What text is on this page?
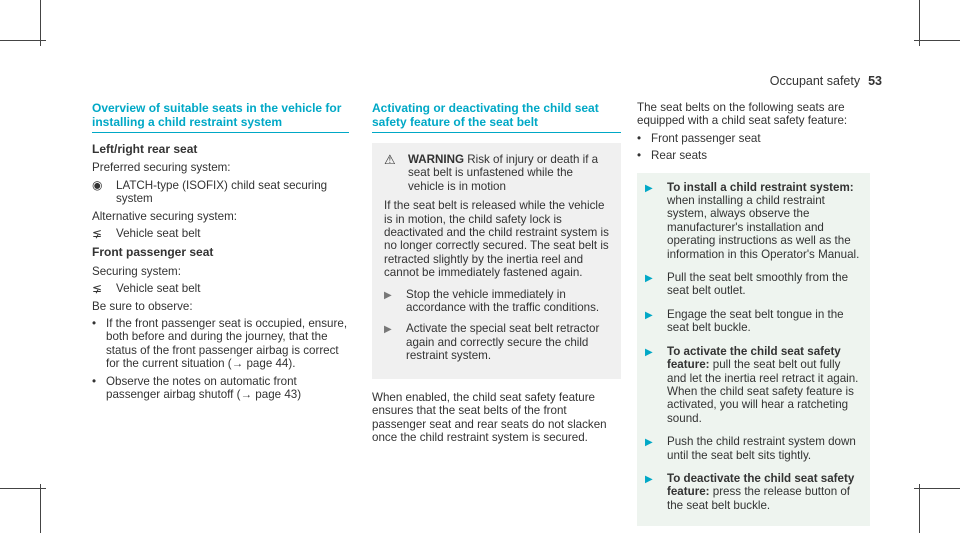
Occupant safety 53
Overview of suitable seats in the vehicle for installing a child restraint system
Left/right rear seat
Preferred securing system:
◉	LATCH-type (ISOFIX) child seat securing system
Alternative securing system:
⪇	Vehicle seat belt
Front passenger seat
Securing system:
⪇	Vehicle seat belt
Be sure to observe:
• If the front passenger seat is occupied, ensure, both before and during the journey, that the status of the front passenger airbag is correct for the current situation (→ page 44).
• Observe the notes on automatic front passenger airbag shutoff (→ page 43)
Activating or deactivating the child seat safety feature of the seat belt
⚠	WARNING Risk of injury or death if a seat belt is unfastened while the vehicle is in motion
If the seat belt is released while the vehicle is in motion, the child safety lock is deactivated and the child restraint system is no longer correctly secured. The seat belt is retracted slightly by the inertia reel and cannot be immediately fastened again.
▶	Stop the vehicle immediately in accordance with the traffic conditions.
▶	Activate the special seat belt retractor again and correctly secure the child restraint system.
When enabled, the child seat safety feature ensures that the seat belts of the front passenger seat and rear seats do not slacken once the child restraint system is secured.
The seat belts on the following seats are equipped with a child seat safety feature:
• Front passenger seat
• Rear seats
▶	To install a child restraint system: when installing a child restraint system, always observe the manufacturer's installation and operating instructions as well as the information in this Operator's Manual.
▶	Pull the seat belt smoothly from the seat belt outlet.
▶	Engage the seat belt tongue in the seat belt buckle.
▶	To activate the child seat safety feature: pull the seat belt out fully and let the inertia reel retract it again.
When the child seat safety feature is activated, you will hear a ratcheting sound.
▶	Push the child restraint system down until the seat belt sits tightly.
▶	To deactivate the child seat safety feature: press the release button of the seat belt buckle.
